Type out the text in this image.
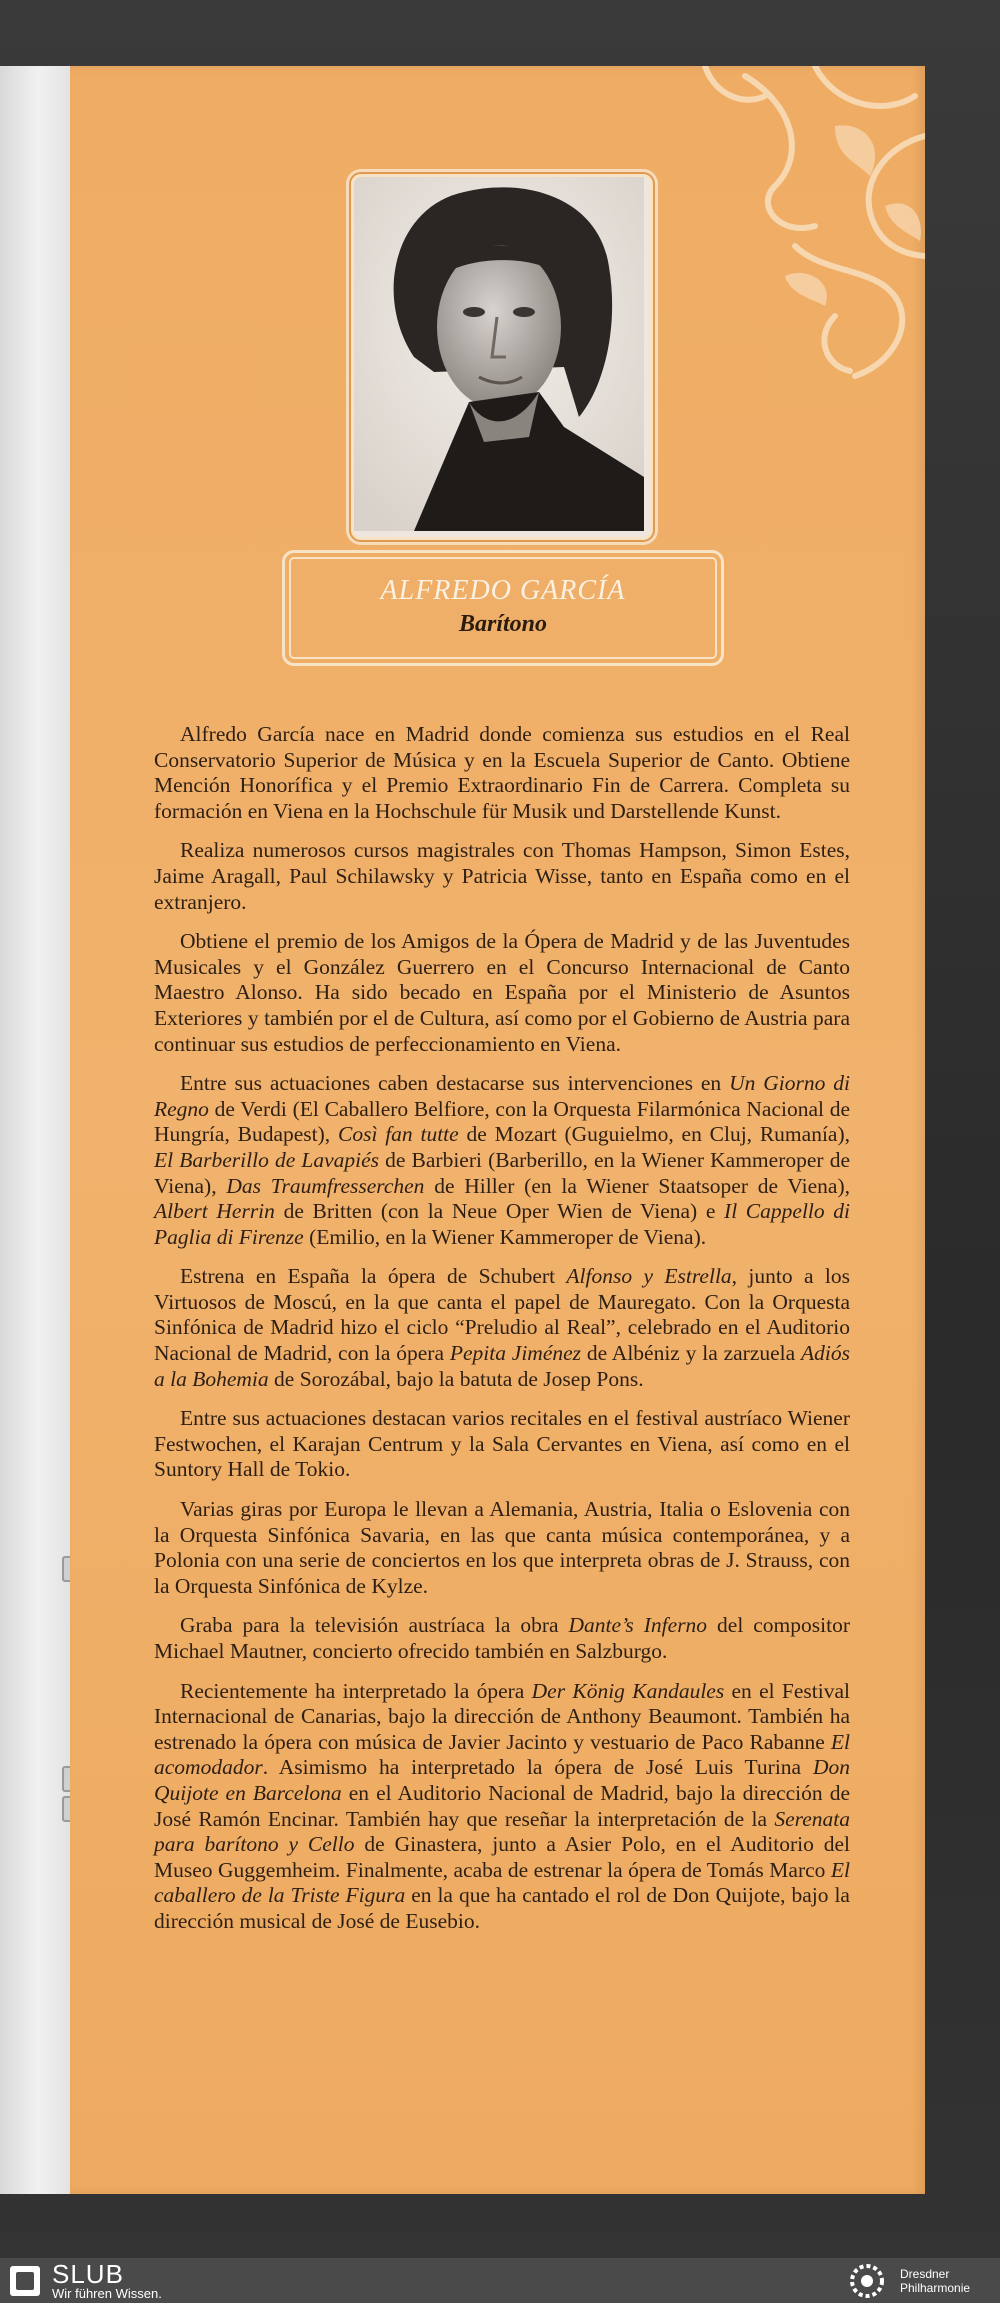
ALFREDO GARCÍA
Barítono

Alfredo García nace en Madrid donde comienza sus estudios en el Real Conservatorio Superior de Música y en la Escuela Superior de Canto. Obtiene Mención Honorífica y el Premio Extraordinario Fin de Carrera. Completa su formación en Viena en la Hochschule für Musik und Darstellende Kunst.

Realiza numerosos cursos magistrales con Thomas Hampson, Simon Estes, Jaime Aragall, Paul Schilawsky y Patricia Wisse, tanto en España como en el extranjero.

Obtiene el premio de los Amigos de la Ópera de Madrid y de las Juventudes Musicales y el González Guerrero en el Concurso Internacional de Canto Maestro Alonso. Ha sido becado en España por el Ministerio de Asuntos Exteriores y también por el de Cultura, así como por el Gobierno de Austria para continuar sus estudios de perfeccionamiento en Viena.

Entre sus actuaciones caben destacarse sus intervenciones en Un Giorno di Regno de Verdi (El Caballero Belfiore, con la Orquesta Filarmónica Nacional de Hungría, Budapest), Così fan tutte de Mozart (Guguielmo, en Cluj, Rumanía), El Barberillo de Lavapiés de Barbieri (Barberillo, en la Wiener Kammeroper de Viena), Das Traumfresserchen de Hiller (en la Wiener Staatsoper de Viena), Albert Herrin de Britten (con la Neue Oper Wien de Viena) e Il Cappello di Paglia di Firenze (Emilio, en la Wiener Kammeroper de Viena).

Estrena en España la ópera de Schubert Alfonso y Estrella, junto a los Virtuosos de Moscú, en la que canta el papel de Mauregato. Con la Orquesta Sinfónica de Madrid hizo el ciclo “Preludio al Real”, celebrado en el Auditorio Nacional de Madrid, con la ópera Pepita Jiménez de Albéniz y la zarzuela Adiós a la Bohemia de Sorozábal, bajo la batuta de Josep Pons.

Entre sus actuaciones destacan varios recitales en el festival austríaco Wiener Festwochen, el Karajan Centrum y la Sala Cervantes en Viena, así como en el Suntory Hall de Tokio.

Varias giras por Europa le llevan a Alemania, Austria, Italia o Eslovenia con la Orquesta Sinfónica Savaria, en las que canta música contemporánea, y a Polonia con una serie de conciertos en los que interpreta obras de J. Strauss, con la Orquesta Sinfónica de Kylze.

Graba para la televisión austríaca la obra Dante’s Inferno del compositor Michael Mautner, concierto ofrecido también en Salzburgo.

Recientemente ha interpretado la ópera Der König Kandaules en el Festival Internacional de Canarias, bajo la dirección de Anthony Beaumont. También ha estrenado la ópera con música de Javier Jacinto y vestuario de Paco Rabanne El acomodador. Asimismo ha interpretado la ópera de José Luis Turina Don Quijote en Barcelona en el Auditorio Nacional de Madrid, bajo la dirección de José Ramón Encinar. También hay que reseñar la interpretación de la Serenata para barítono y Cello de Ginastera, junto a Asier Polo, en el Auditorio del Museo Guggemheim. Finalmente, acaba de estrenar la ópera de Tomás Marco El caballero de la Triste Figura en la que ha cantado el rol de Don Quijote, bajo la dirección musical de José de Eusebio.

SLUB
Wir führen Wissen.
Dresdner
Philharmonie
